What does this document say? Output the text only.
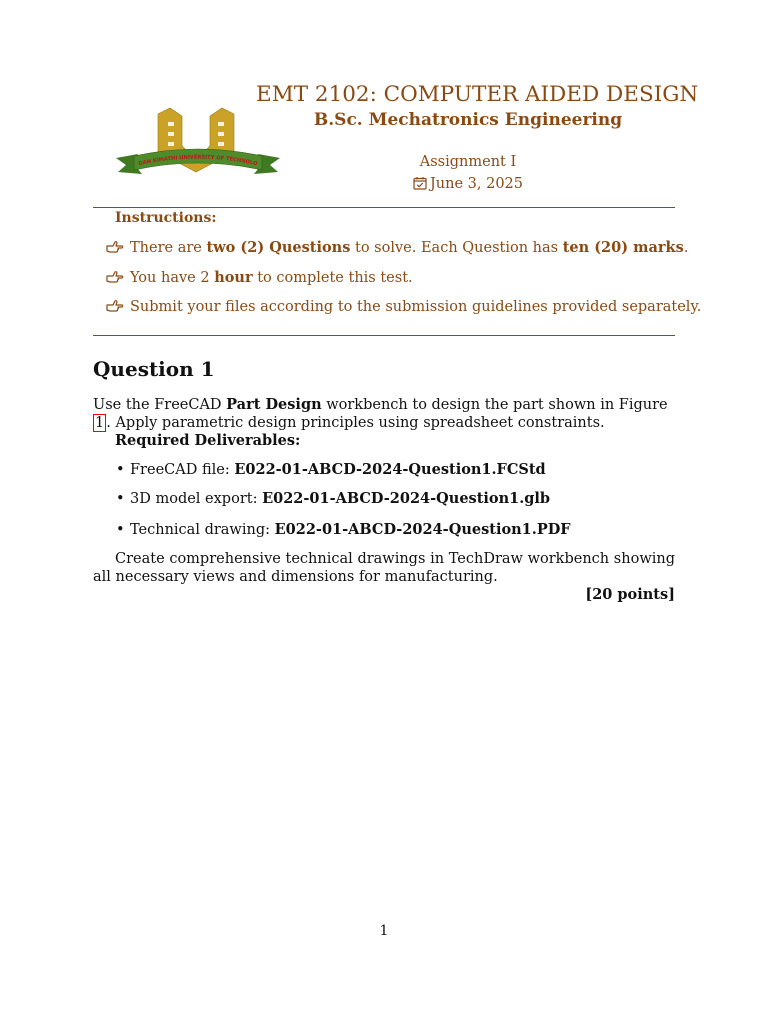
DAN KIMATHI UNIVERSITY OF TECHNOLO
EMT 2102: COMPUTER AIDED DESIGN
B.Sc. Mechatronics Engineering
Assignment I
June 3, 2025
Instructions:
There are two (2) Questions to solve. Each Question has ten (20) marks.
You have 2 hour to complete this test.
Submit your files according to the submission guidelines provided separately.
Question 1
Use the FreeCAD Part Design workbench to design the part shown in Figure 1 . Apply parametric design principles using spreadsheet constraints.
Required Deliverables:
• FreeCAD file: E022-01-ABCD-2024-Question1.FCStd
• 3D model export: E022-01-ABCD-2024-Question1.glb
• Technical drawing: E022-01-ABCD-2024-Question1.PDF
Create comprehensive technical drawings in TechDraw workbench showing all necessary views and dimensions for manufacturing.
[20 points]
1
